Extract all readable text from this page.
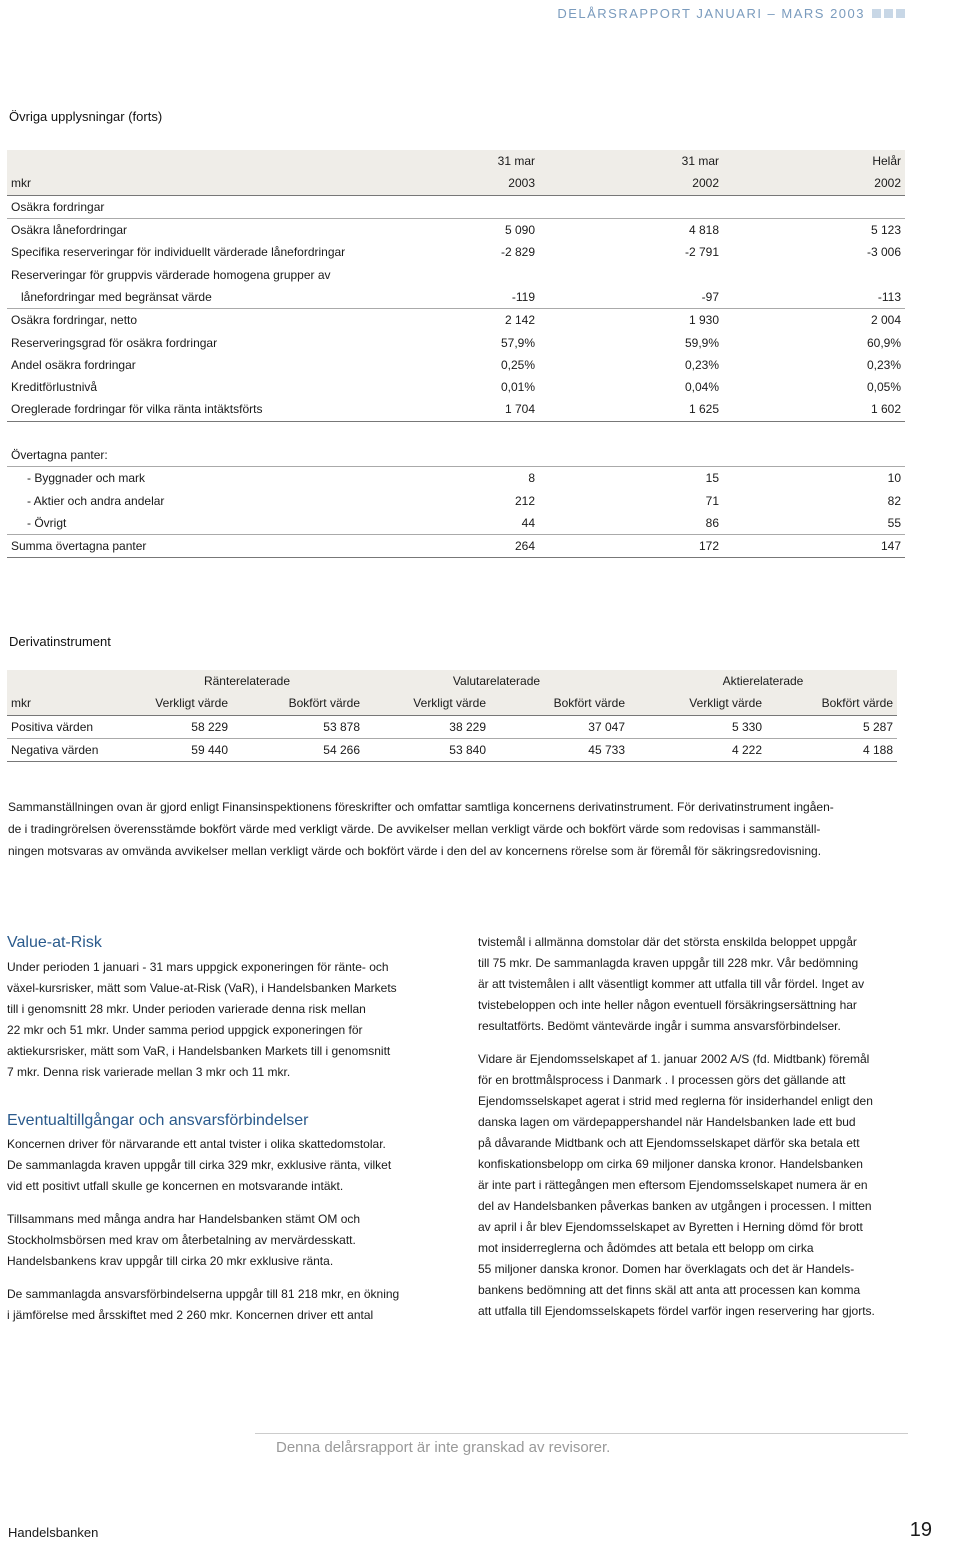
DELÅRSRAPPORT JANUARI – MARS 2003
Övriga upplysningar (forts)
	31 mar	31 mar	Helår
mkr	2003	2002	2002
Osäkra fordringar			
Osäkra lånefordringar	5 090	4 818	5 123
Specifika reserveringar för individuellt värderade lånefordringar	-2 829	-2 791	-3 006
Reserveringar för gruppvis värderade homogena grupper av			
lånefordringar med begränsat värde	-119	-97	-113
Osäkra fordringar, netto	2 142	1 930	2 004
Reserveringsgrad för osäkra fordringar	57,9%	59,9%	60,9%
Andel osäkra fordringar	0,25%	0,23%	0,23%
Kreditförlustnivå	0,01%	0,04%	0,05%
Oreglerade fordringar för vilka ränta intäktsförts	1 704	1 625	1 602

Övertagna panter:			
- Byggnader och mark	8	15	10
- Aktier och andra andelar	212	71	82
- Övrigt	44	86	55
Summa övertagna panter	264	172	147
Derivatinstrument
	Ränterelaterade		Valutarelaterade		Aktierelaterade	
mkr	Verkligt värde	Bokfört värde	Verkligt värde	Bokfört värde	Verkligt värde	Bokfört värde
Positiva värden	58 229	53 878	38 229	37 047	5 330	5 287
Negativa värden	59 440	54 266	53 840	45 733	4 222	4 188
Sammanställningen ovan är gjord enligt Finansinspektionens föreskrifter och omfattar samtliga koncernens derivatinstrument. För derivatinstrument ingåen-
de i tradingrörelsen överensstämde bokfört värde med verkligt värde. De avvikelser mellan verkligt värde och bokfört värde som redovisas i sammanställ-
ningen motsvaras av omvända avvikelser mellan verkligt värde och bokfört värde i den del av koncernens rörelse som är föremål för säkringsredovisning.
Value-at-Risk
Under perioden 1 januari - 31 mars uppgick exponeringen för ränte- och
växel-kursrisker, mätt som Value-at-Risk (VaR), i Handelsbanken Markets
till i genomsnitt 28 mkr. Under perioden varierade denna risk mellan
22 mkr och 51 mkr. Under samma period uppgick exponeringen för
aktiekursrisker, mätt som VaR, i Handelsbanken Markets till i genomsnitt
7 mkr. Denna risk varierade mellan 3 mkr och 11 mkr.
Eventualtillgångar och ansvarsförbindelser

Koncernen driver för närvarande ett antal tvister i olika skattedomstolar.
De sammanlagda kraven uppgår till cirka 329 mkr, exklusive ränta, vilket
vid ett positivt utfall skulle ge koncernen en motsvarande intäkt.

Tillsammans med många andra har Handelsbanken stämt OM och
Stockholmsbörsen med krav om återbetalning av mervärdesskatt.
Handelsbankens krav uppgår till cirka 20 mkr exklusive ränta.

De sammanlagda ansvarsförbindelserna uppgår till 81 218 mkr, en ökning
i jämförelse med årsskiftet med 2 260 mkr. Koncernen driver ett antal

tvistemål i allmänna domstolar där det största enskilda beloppet uppgår
till 75 mkr. De sammanlagda kraven uppgår till 228 mkr. Vår bedömning
är att tvistemålen i allt väsentligt kommer att utfalla till vår fördel. Inget av
tvistebeloppen och inte heller någon eventuell försäkringsersättning har
resultatförts. Bedömt väntevärde ingår i summa ansvarsförbindelser.

Vidare är Ejendomsselskapet af 1. januar 2002 A/S (fd. Midtbank) föremål
för en brottmålsprocess i Danmark . I processen görs det gällande att
Ejendomsselskapet agerat i strid med reglerna för insiderhandel enligt den
danska lagen om värdepappershandel när Handelsbanken lade ett bud
på dåvarande Midtbank och att Ejendomsselskapet därför ska betala ett
konfiskationsbelopp om cirka 69 miljoner danska kronor. Handelsbanken
är inte part i rättegången men eftersom Ejendomsselskapet numera är en
del av Handelsbanken påverkas banken av utgången i processen. I mitten
av april i år blev Ejendomsselskapet av Byretten i Herning dömd för brott
mot insiderreglerna och ådömdes att betala ett belopp om cirka
55 miljoner danska kronor. Domen har överklagats och det är Handels-
bankens bedömning att det finns skäl att anta att processen kan komma
att utfalla till Ejendomsselskapets fördel varför ingen reservering har gjorts.

Denna delårsrapport är inte granskad av revisorer.
Handelsbanken	19
